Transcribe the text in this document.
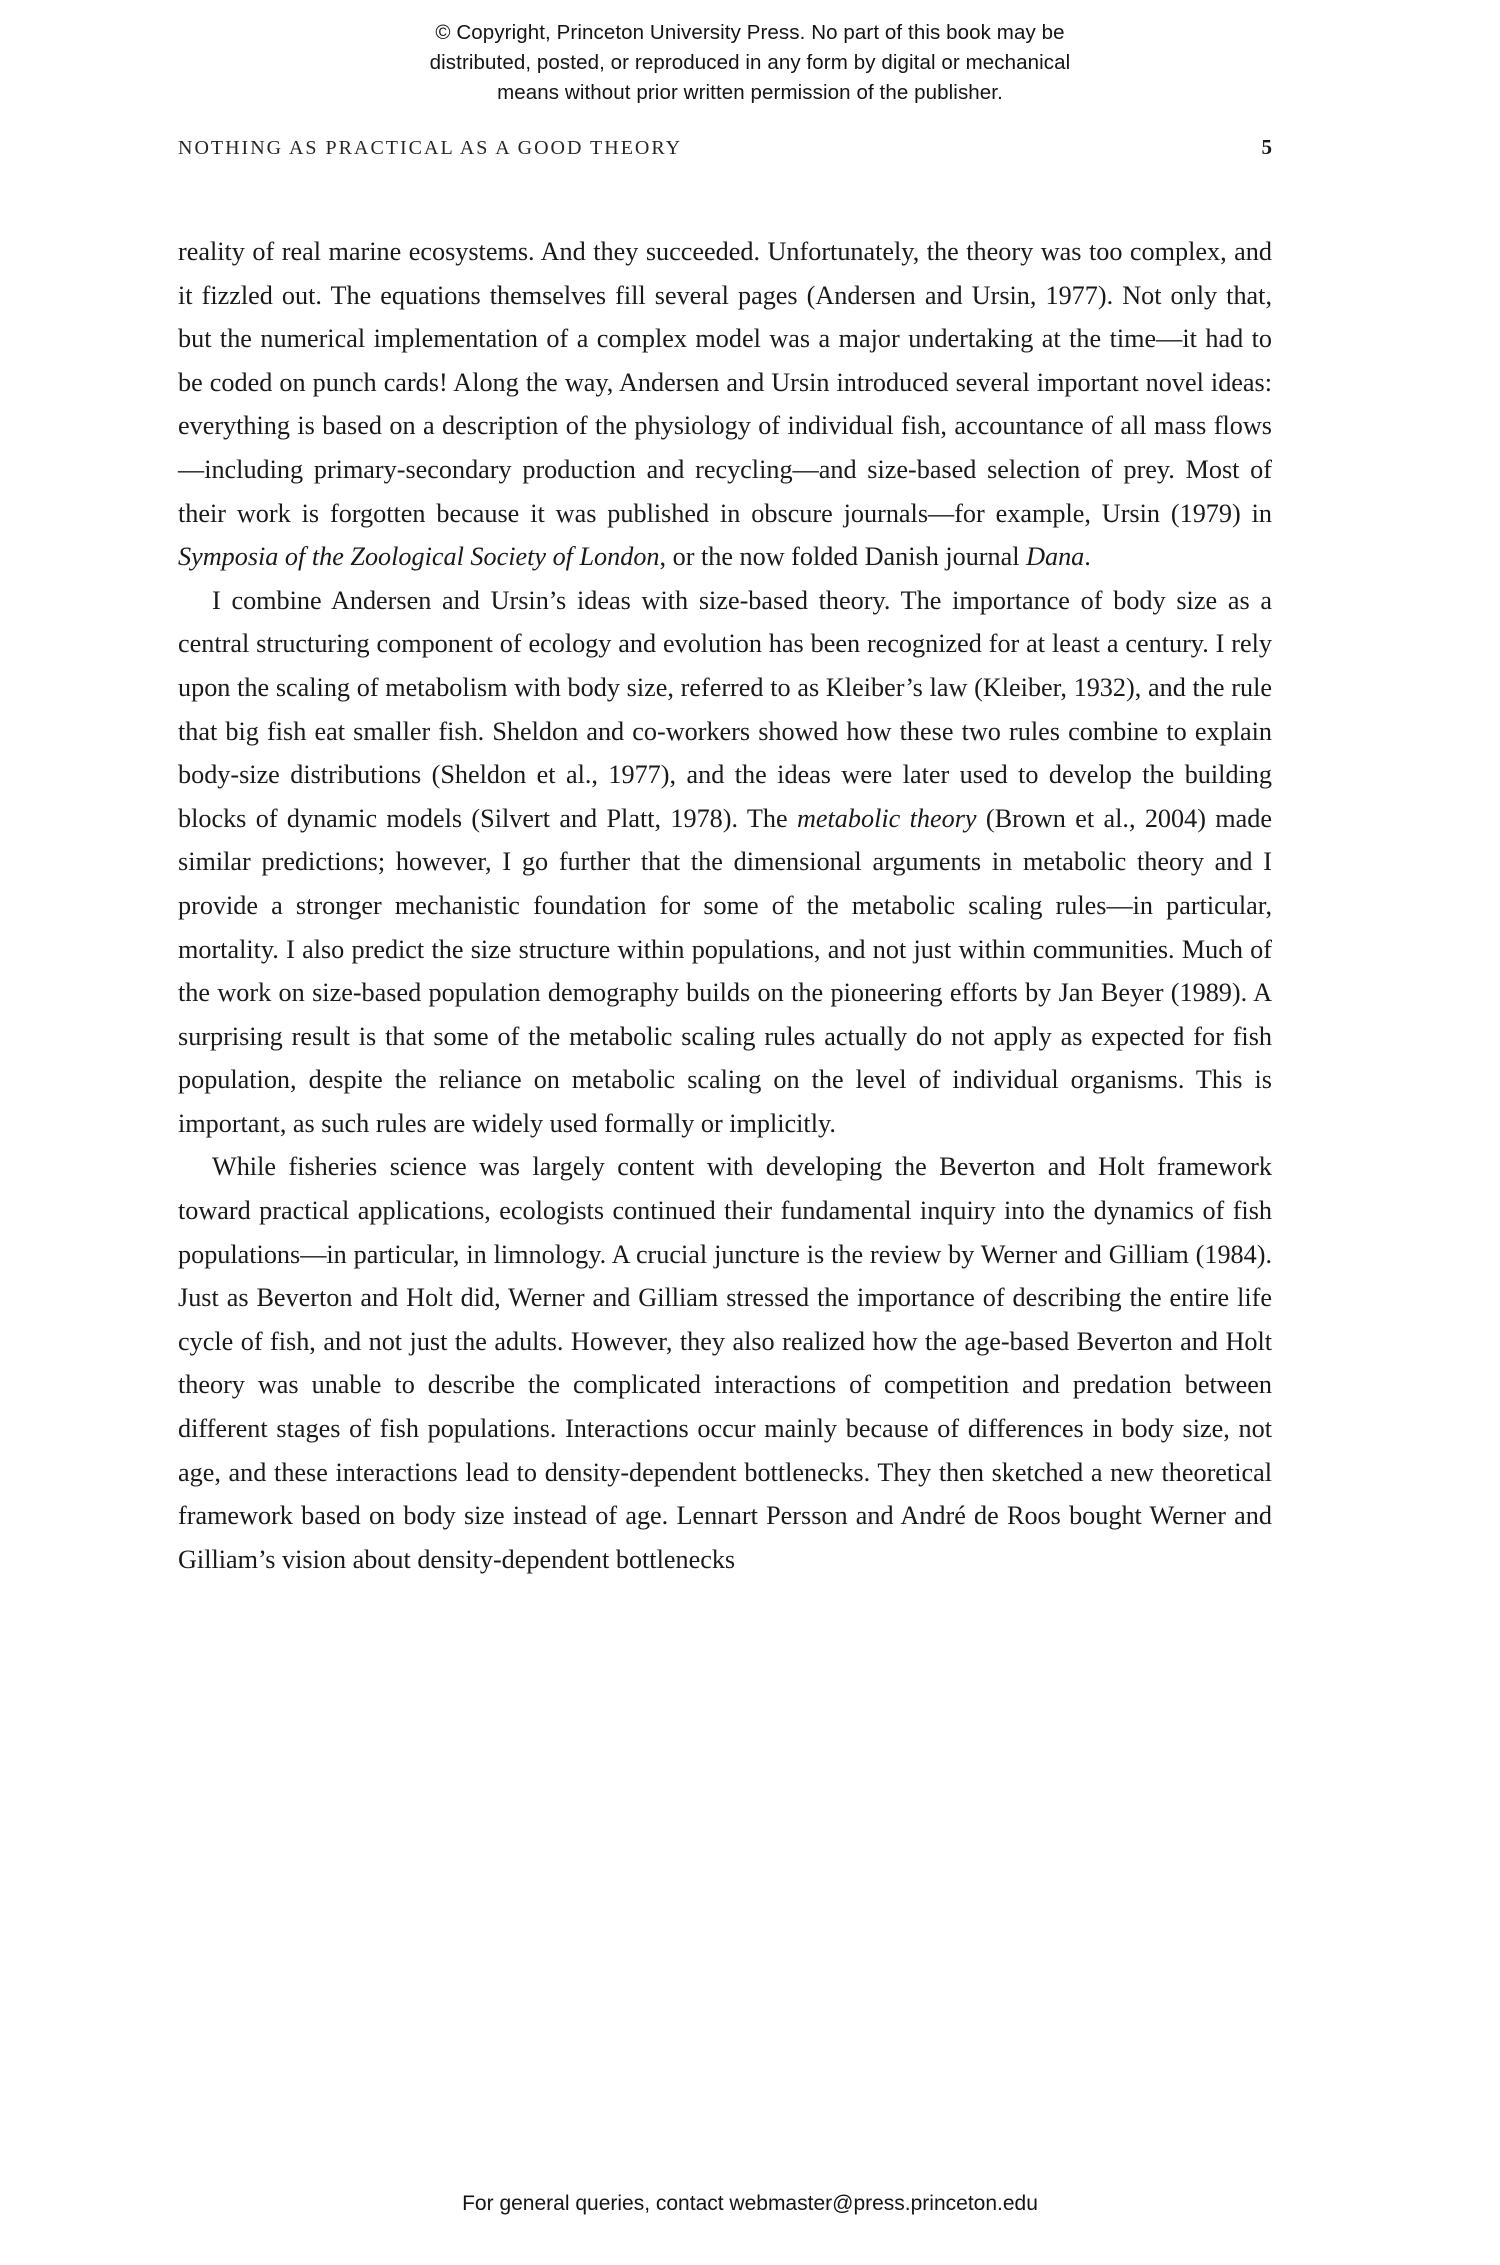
© Copyright, Princeton University Press. No part of this book may be
distributed, posted, or reproduced in any form by digital or mechanical
means without prior written permission of the publisher.
NOTHING AS PRACTICAL AS A GOOD THEORY	5

reality of real marine ecosystems. And they succeeded. Unfortunately, the theory was too complex, and it fizzled out. The equations themselves fill several pages (Andersen and Ursin, 1977). Not only that, but the numerical implementation of a complex model was a major undertaking at the time—it had to be coded on punch cards! Along the way, Andersen and Ursin introduced several important novel ideas: everything is based on a description of the physiology of individual fish, accountance of all mass flows—including primary-secondary production and recycling—and size-based selection of prey. Most of their work is forgotten because it was published in obscure journals—for example, Ursin (1979) in Symposia of the Zoological Society of London, or the now folded Danish journal Dana.

I combine Andersen and Ursin’s ideas with size-based theory. The importance of body size as a central structuring component of ecology and evolution has been recognized for at least a century. I rely upon the scaling of metabolism with body size, referred to as Kleiber’s law (Kleiber, 1932), and the rule that big fish eat smaller fish. Sheldon and co-workers showed how these two rules combine to explain body-size distributions (Sheldon et al., 1977), and the ideas were later used to develop the building blocks of dynamic models (Silvert and Platt, 1978). The metabolic theory (Brown et al., 2004) made similar predictions; however, I go further that the dimensional arguments in metabolic theory and I provide a stronger mechanistic foundation for some of the metabolic scaling rules—in particular, mortality. I also predict the size structure within populations, and not just within communities. Much of the work on size-based population demography builds on the pioneering efforts by Jan Beyer (1989). A surprising result is that some of the metabolic scaling rules actually do not apply as expected for fish population, despite the reliance on metabolic scaling on the level of individual organisms. This is important, as such rules are widely used formally or implicitly.

While fisheries science was largely content with developing the Beverton and Holt framework toward practical applications, ecologists continued their fundamental inquiry into the dynamics of fish populations—in particular, in limnology. A crucial juncture is the review by Werner and Gilliam (1984). Just as Beverton and Holt did, Werner and Gilliam stressed the importance of describing the entire life cycle of fish, and not just the adults. However, they also realized how the age-based Beverton and Holt theory was unable to describe the complicated interactions of competition and predation between different stages of fish populations. Interactions occur mainly because of differences in body size, not age, and these interactions lead to density-dependent bottlenecks. They then sketched a new theoretical framework based on body size instead of age. Lennart Persson and André de Roos bought Werner and Gilliam’s vision about density-dependent bottlenecks

For general queries, contact webmaster@press.princeton.edu
